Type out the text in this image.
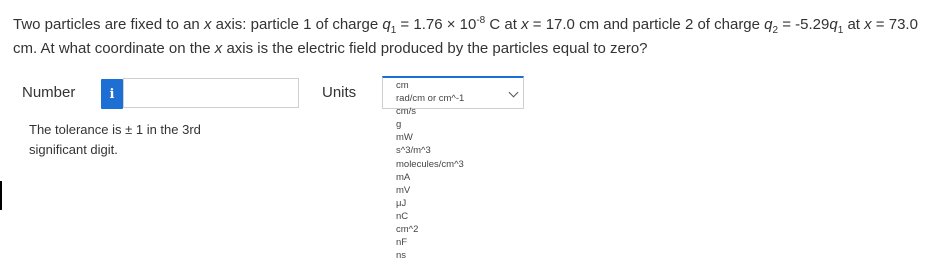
Two particles are fixed to an x axis: particle 1 of charge $q_1 = 1.76 \times 10^{-8}$ C at x = 17.0 cm and particle 2 of charge $q_2 = -5.29q_1$ at x = 73.0
cm. At what coordinate on the x axis is the electric field produced by the particles equal to zero?
Number	i	Units	cm
rad/cm or cm^-1
cm/s
g
mW
s^3/m^3
molecules/cm^3
mA
mV
μJ
nC
cm^2
nF
ns
The tolerance is ± 1 in the 3rd
significant digit.
